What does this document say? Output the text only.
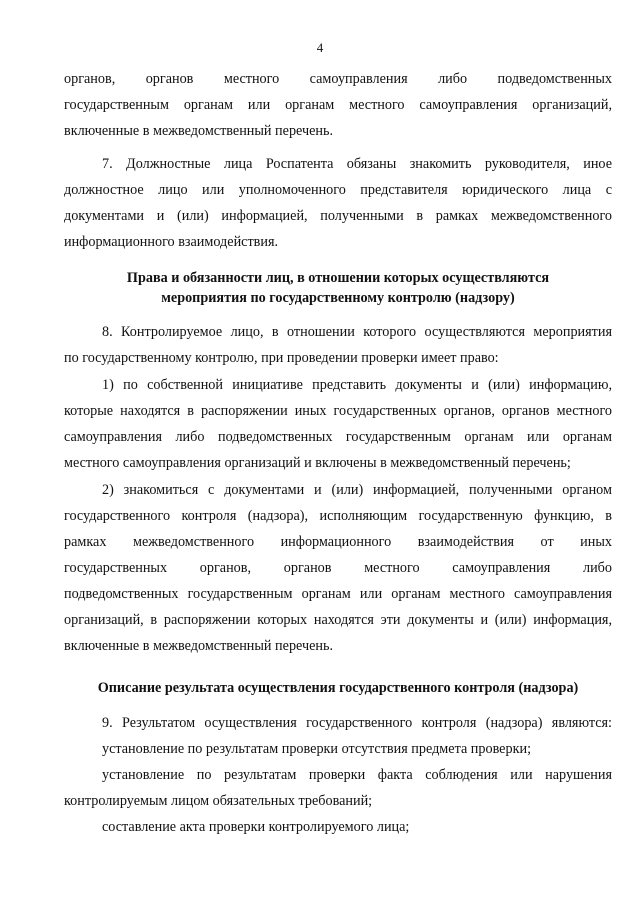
4
органов, органов местного самоуправления либо подведомственных
государственным органам или органам местного самоуправления организаций,
включенные в межведомственный перечень.
7. Должностные лица Роспатента обязаны знакомить руководителя, иное
должностное лицо или уполномоченного представителя юридического лица с
документами и (или) информацией, полученными в рамках межведомственного
информационного взаимодействия.
Права и обязанности лиц, в отношении которых осуществляются
мероприятия по государственному контролю (надзору)
8. Контролируемое лицо, в отношении которого осуществляются мероприятия
по государственному контролю, при проведении проверки имеет право:
1) по собственной инициативе представить документы и (или) информацию,
которые находятся в распоряжении иных государственных органов, органов местного
самоуправления либо подведомственных государственным органам или органам
местного самоуправления организаций и включены в межведомственный перечень;
2) знакомиться с документами и (или) информацией, полученными органом
государственного контроля (надзора), исполняющим государственную функцию, в
рамках межведомственного информационного взаимодействия от иных
государственных органов, органов местного самоуправления либо
подведомственных государственным органам или органам местного самоуправления
организаций, в распоряжении которых находятся эти документы и (или) информация,
включенные в межведомственный перечень.
Описание результата осуществления государственного контроля (надзора)
9. Результатом осуществления государственного контроля (надзора) являются:
установление по результатам проверки отсутствия предмета проверки;
установление по результатам проверки факта соблюдения или нарушения
контролируемым лицом обязательных требований;
составление акта проверки контролируемого лица;
